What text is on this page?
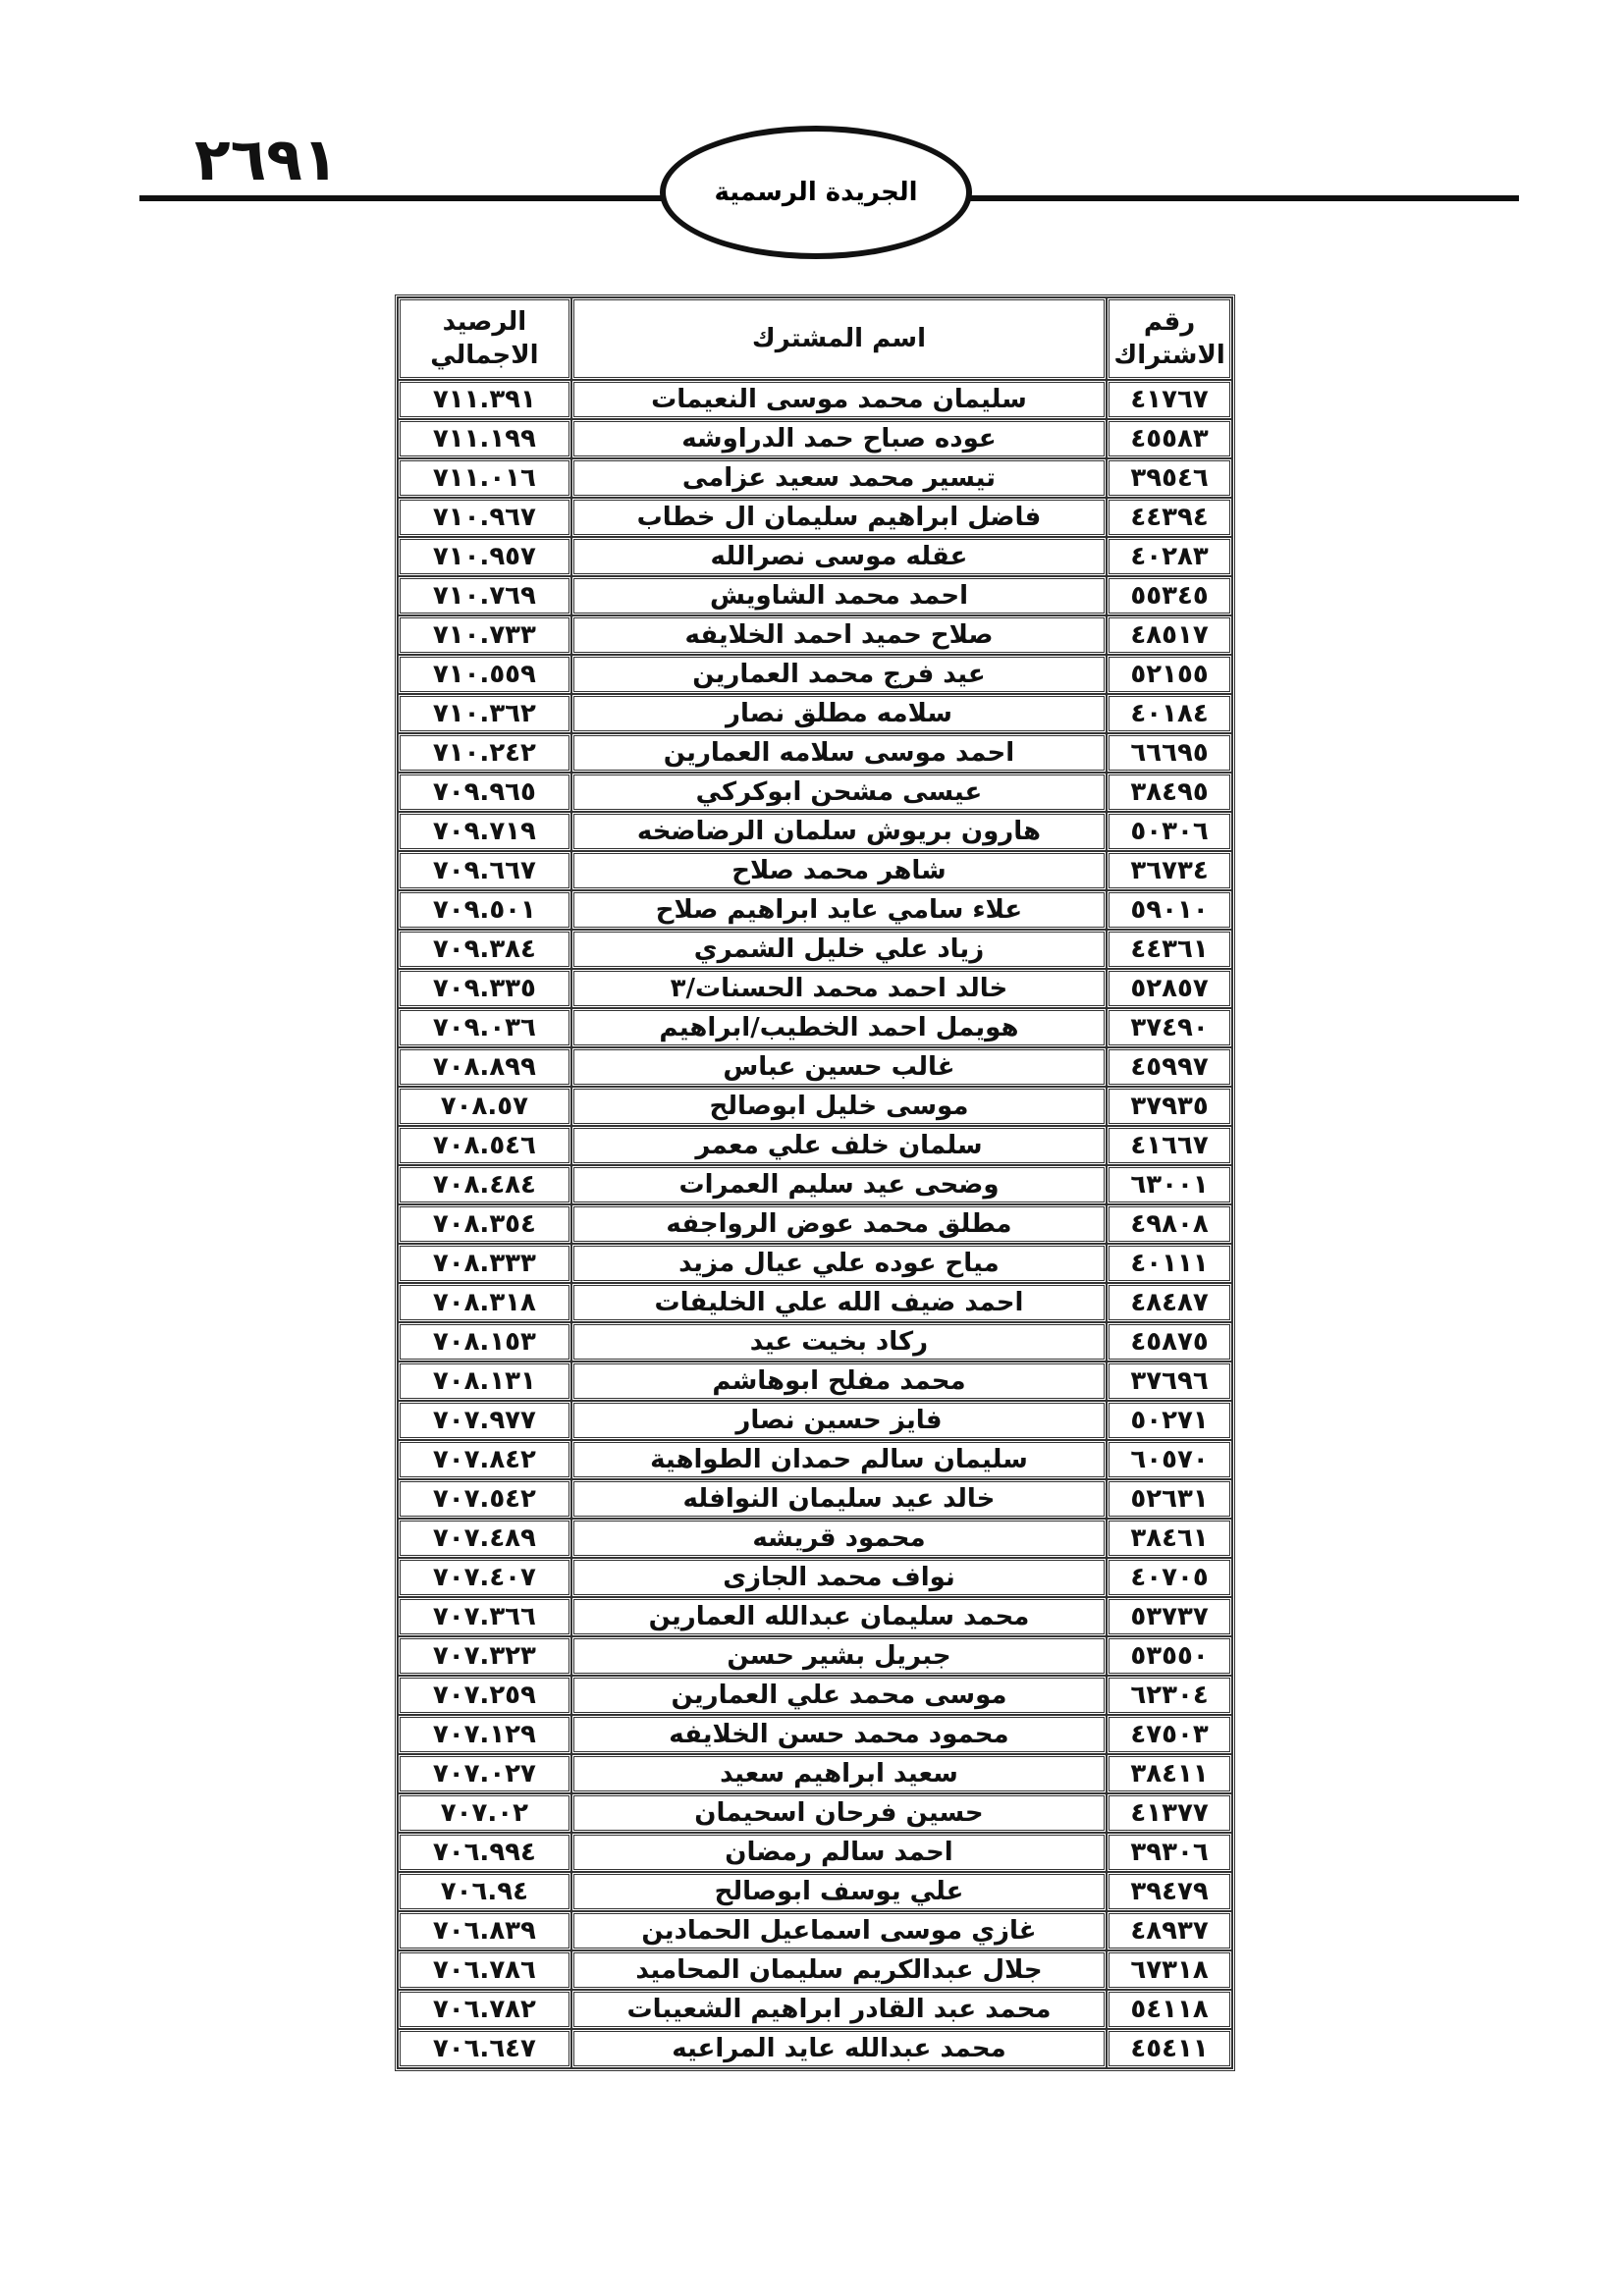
٢٦٩١	الجريدة الرسمية
رقم الاشتراك	اسم المشترك	الرصيد الاجمالي
٤١٧٦٧	سليمان محمد موسى النعيمات	٧١١.٣٩١
٤٥٥٨٣	عوده صباح حمد الدراوشه	٧١١.١٩٩
٣٩٥٤٦	تيسير محمد سعيد عزامى	٧١١.٠١٦
٤٤٣٩٤	فاضل ابراهيم سليمان ال خطاب	٧١٠.٩٦٧
٤٠٢٨٣	عقله موسى نصرالله	٧١٠.٩٥٧
٥٥٣٤٥	احمد محمد الشاويش	٧١٠.٧٦٩
٤٨٥١٧	صلاح حميد احمد الخلايفه	٧١٠.٧٣٣
٥٢١٥٥	عيد فرج محمد العمارين	٧١٠.٥٥٩
٤٠١٨٤	سلامه مطلق نصار	٧١٠.٣٦٢
٦٦٦٩٥	احمد موسى سلامه العمارين	٧١٠.٢٤٢
٣٨٤٩٥	عيسى مشحن ابوكركي	٧٠٩.٩٦٥
٥٠٣٠٦	هارون بريوش سلمان الرضاضخه	٧٠٩.٧١٩
٣٦٧٣٤	شاهر محمد صلاح	٧٠٩.٦٦٧
٥٩٠١٠	علاء سامي عايد ابراهيم صلاح	٧٠٩.٥٠١
٤٤٣٦١	زياد علي خليل الشمري	٧٠٩.٣٨٤
٥٢٨٥٧	خالد احمد محمد الحسنات/٣	٧٠٩.٣٣٥
٣٧٤٩٠	هويمل احمد الخطيب/ابراهيم	٧٠٩.٠٣٦
٤٥٩٩٧	غالب حسين عباس	٧٠٨.٨٩٩
٣٧٩٣٥	موسى خليل ابوصالح	٧٠٨.٥٧
٤١٦٦٧	سلمان خلف علي معمر	٧٠٨.٥٤٦
٦٣٠٠١	وضحى عيد سليم العمرات	٧٠٨.٤٨٤
٤٩٨٠٨	مطلق محمد عوض الرواجفه	٧٠٨.٣٥٤
٤٠١١١	مياح عوده علي عيال مزيد	٧٠٨.٣٣٣
٤٨٤٨٧	احمد ضيف الله علي الخليفات	٧٠٨.٣١٨
٤٥٨٧٥	ركاد بخيت عيد	٧٠٨.١٥٣
٣٧٦٩٦	محمد مفلح ابوهاشم	٧٠٨.١٣١
٥٠٢٧١	فايز حسين نصار	٧٠٧.٩٧٧
٦٠٥٧٠	سليمان سالم حمدان الطواهية	٧٠٧.٨٤٢
٥٢٦٣١	خالد عيد سليمان النوافله	٧٠٧.٥٤٢
٣٨٤٦١	محمود قريشه	٧٠٧.٤٨٩
٤٠٧٠٥	نواف محمد الجازى	٧٠٧.٤٠٧
٥٣٧٣٧	محمد سليمان عبدالله العمارين	٧٠٧.٣٦٦
٥٣٥٥٠	جبريل بشير حسن	٧٠٧.٣٢٣
٦٢٣٠٤	موسى محمد علي العمارين	٧٠٧.٢٥٩
٤٧٥٠٣	محمود محمد حسن الخلايفه	٧٠٧.١٢٩
٣٨٤١١	سعيد ابراهيم سعيد	٧٠٧.٠٢٧
٤١٣٧٧	حسين فرحان اسحيمان	٧٠٧.٠٢
٣٩٣٠٦	احمد سالم رمضان	٧٠٦.٩٩٤
٣٩٤٧٩	علي يوسف ابوصالح	٧٠٦.٩٤
٤٨٩٣٧	غازي موسى اسماعيل الحمادين	٧٠٦.٨٣٩
٦٧٣١٨	جلال عبدالكريم سليمان المحاميد	٧٠٦.٧٨٦
٥٤١١٨	محمد عبد القادر ابراهيم الشعيبات	٧٠٦.٧٨٢
٤٥٤١١	محمد عبدالله عايد المراعيه	٧٠٦.٦٤٧
